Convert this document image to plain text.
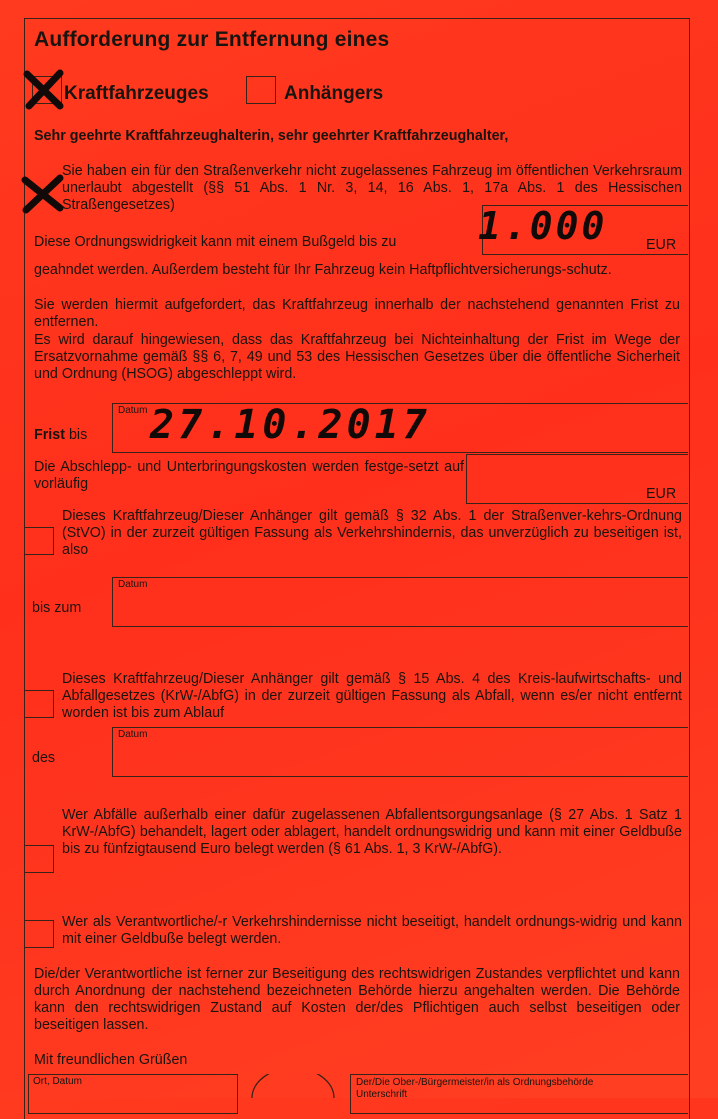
Aufforderung zur Entfernung eines
Kraftfahrzeuges	Anhängers
Sehr geehrte Kraftfahrzeughalterin, sehr geehrter Kraftfahrzeughalter,
Sie haben ein für den Straßenverkehr nicht zugelassenes Fahrzeug im öffentlichen Verkehrsraum unerlaubt abgestellt (§§ 51 Abs. 1 Nr. 3, 14, 16 Abs. 1, 17a Abs. 1 des Hessischen Straßengesetzes)	1.000	EUR
Diese Ordnungswidrigkeit kann mit einem Bußgeld bis zu
geahndet werden. Außerdem besteht für Ihr Fahrzeug kein Haftpflichtversicherungs-schutz.
Sie werden hiermit aufgefordert, das Kraftfahrzeug innerhalb der nachstehend genannten Frist zu entfernen.
Es wird darauf hingewiesen, dass das Kraftfahrzeug bei Nichteinhaltung der Frist im Wege der Ersatzvornahme gemäß §§ 6, 7, 49 und 53 des Hessischen Gesetzes über die öffentliche Sicherheit und Ordnung (HSOG) abgeschleppt wird.
Datum
Frist bis 27.10.2017
Die Abschlepp- und Unterbringungskosten werden festge-setzt auf vorläufig
EUR
Dieses Kraftfahrzeug/Dieser Anhänger gilt gemäß § 32 Abs. 1 der Straßenver-kehrs-Ordnung (StVO) in der zurzeit gültigen Fassung als Verkehrshindernis, das unverzüglich zu beseitigen ist, also
Datum
bis zum
Dieses Kraftfahrzeug/Dieser Anhänger gilt gemäß § 15 Abs. 4 des Kreis-laufwirtschafts- und Abfallgesetzes (KrW-/AbfG) in der zurzeit gültigen Fassung als Abfall, wenn es/er nicht entfernt worden ist bis zum Ablauf
Datum
des
Wer Abfälle außerhalb einer dafür zugelassenen Abfallentsorgungsanlage (§ 27 Abs. 1 Satz 1 KrW-/AbfG) behandelt, lagert oder ablagert, handelt ordnungswidrig und kann mit einer Geldbuße bis zu fünfzigtausend Euro belegt werden (§ 61 Abs. 1, 3 KrW-/AbfG).
Wer als Verantwortliche/-r Verkehrshindernisse nicht beseitigt, handelt ordnungs-widrig und kann mit einer Geldbuße belegt werden.
Die/der Verantwortliche ist ferner zur Beseitigung des rechtswidrigen Zustandes verpflichtet und kann durch Anordnung der nachstehend bezeichneten Behörde hierzu angehalten werden. Die Behörde kann den rechtswidrigen Zustand auf Kosten der/des Pflichtigen auch selbst beseitigen oder beseitigen lassen.
Mit freundlichen Grüßen
Ort, Datum	Der/Die Ober-/Bürgermeister/in als Ordnungsbehörde
Unterschrift
